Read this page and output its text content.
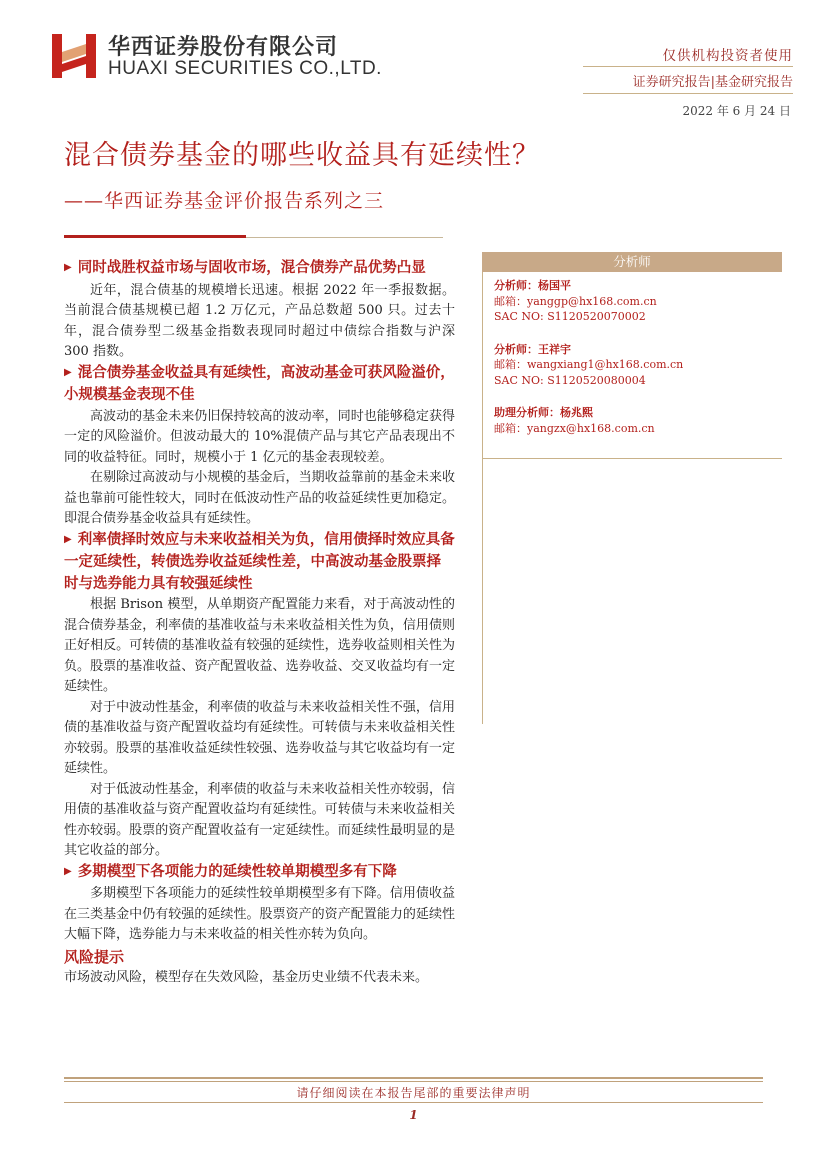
华西证券股份有限公司
HUAXI SECURITIES CO.,LTD.
仅供机构投资者使用
证券研究报告|基金研究报告
2022 年 6 月 24 日
混合债券基金的哪些收益具有延续性？
——华西证券基金评价报告系列之三

▶ 同时战胜权益市场与固收市场，混合债券产品优势凸显

近年，混合债基的规模增长迅速。根据 2022 年一季报数据。当前混合债基规模已超 1.2 万亿元，产品总数超 500 只。过去十年，混合债券型二级基金指数表现同时超过中债综合指数与沪深 300 指数。

▶ 混合债券基金收益具有延续性，高波动基金可获风险溢价，小规模基金表现不佳

高波动的基金未来仍旧保持较高的波动率，同时也能够稳定获得一定的风险溢价。但波动最大的 10%混债产品与其它产品表现出不同的收益特征。同时，规模小于 1 亿元的基金表现较差。

在剔除过高波动与小规模的基金后，当期收益靠前的基金未来收益也靠前可能性较大，同时在低波动性产品的收益延续性更加稳定。即混合债券基金收益具有延续性。

▶ 利率债择时效应与未来收益相关为负，信用债择时效应具备一定延续性，转债选券收益延续性差，中高波动基金股票择时与选券能力具有较强延续性

根据 Brison 模型，从单期资产配置能力来看，对于高波动性的混合债券基金，利率债的基准收益与未来收益相关性为负，信用债则正好相反。可转债的基准收益有较强的延续性，选券收益则相关性为负。股票的基准收益、资产配置收益、选券收益、交叉收益均有一定延续性。

对于中波动性基金，利率债的收益与未来收益相关性不强，信用债的基准收益与资产配置收益均有延续性。可转债与未来收益相关性亦较弱。股票的基准收益延续性较强、选券收益与其它收益均有一定延续性。

对于低波动性基金，利率债的收益与未来收益相关性亦较弱，信用债的基准收益与资产配置收益均有延续性。可转债与未来收益相关性亦较弱。股票的资产配置收益有一定延续性。而延续性最明显的是其它收益的部分。

▶ 多期模型下各项能力的延续性较单期模型多有下降

多期模型下各项能力的延续性较单期模型多有下降。信用债收益在三类基金中仍有较强的延续性。股票资产的资产配置能力的延续性大幅下降，选券能力与未来收益的相关性亦转为负向。

风险提示

市场波动风险，模型存在失效风险，基金历史业绩不代表未来。

分析师
分析师：杨国平
邮箱：yanggp@hx168.com.cn
SAC NO: S1120520070002
分析师：王祥宇
邮箱：wangxiang1@hx168.com.cn
SAC NO: S1120520080004
助理分析师：杨兆熙
邮箱：yangzx@hx168.com.cn
请仔细阅读在本报告尾部的重要法律声明
1
